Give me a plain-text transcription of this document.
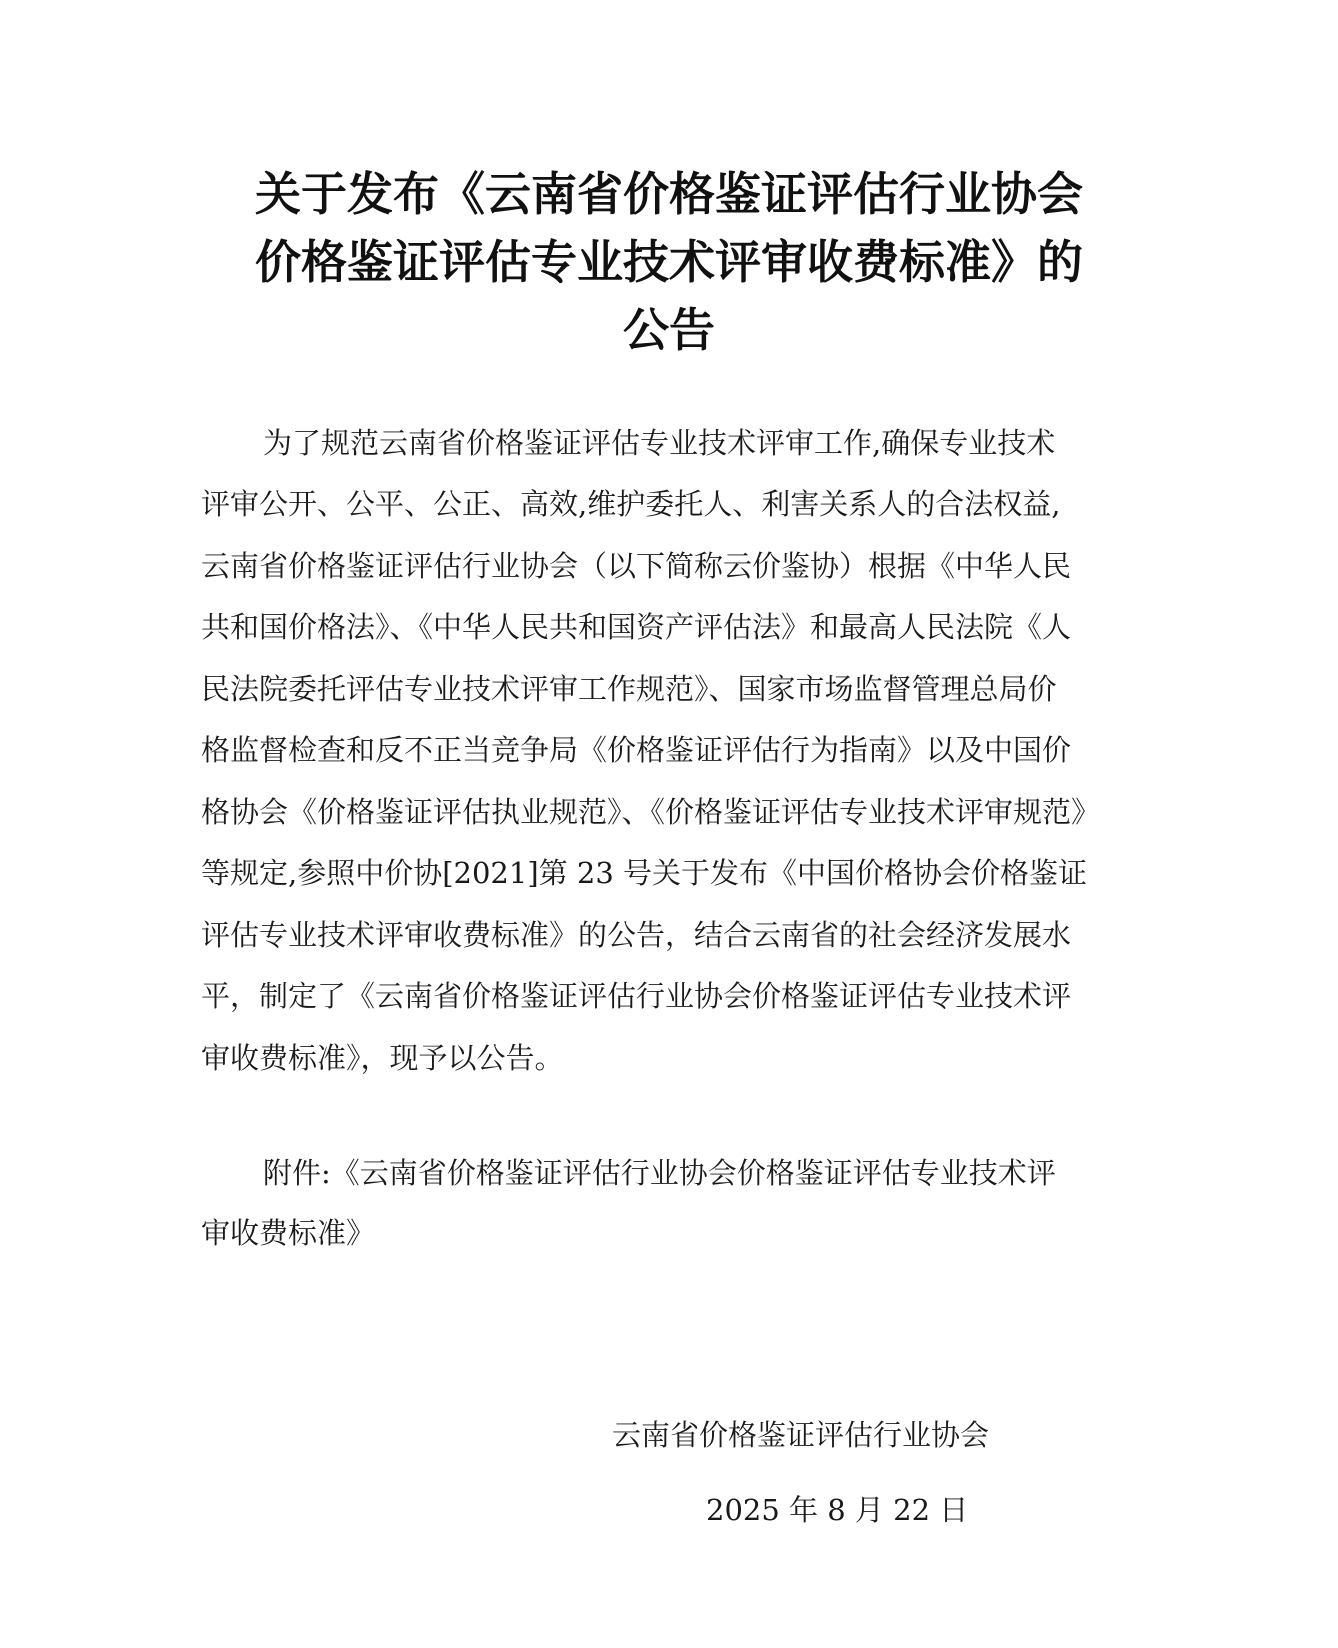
关于发布《云南省价格鉴证评估行业协会
价格鉴证评估专业技术评审收费标准》的
公告
为了规范云南省价格鉴证评估专业技术评审工作,确保专业技术
评审公开、公平、公正、高效,维护委托人、利害关系人的合法权益,
云南省价格鉴证评估行业协会（以下简称云价鉴协）根据《中华人民
共和国价格法》、《中华人民共和国资产评估法》和最高人民法院《人
民法院委托评估专业技术评审工作规范》、国家市场监督管理总局价
格监督检查和反不正当竞争局《价格鉴证评估行为指南》以及中国价
格协会《价格鉴证评估执业规范》、《价格鉴证评估专业技术评审规范》
等规定,参照中价协[2021]第 23 号关于发布《中国价格协会价格鉴证
评估专业技术评审收费标准》的公告，结合云南省的社会经济发展水
平，制定了《云南省价格鉴证评估行业协会价格鉴证评估专业技术评
审收费标准》，现予以公告。
附件:《云南省价格鉴证评估行业协会价格鉴证评估专业技术评
审收费标准》
云南省价格鉴证评估行业协会
2025 年 8 月 22 日
